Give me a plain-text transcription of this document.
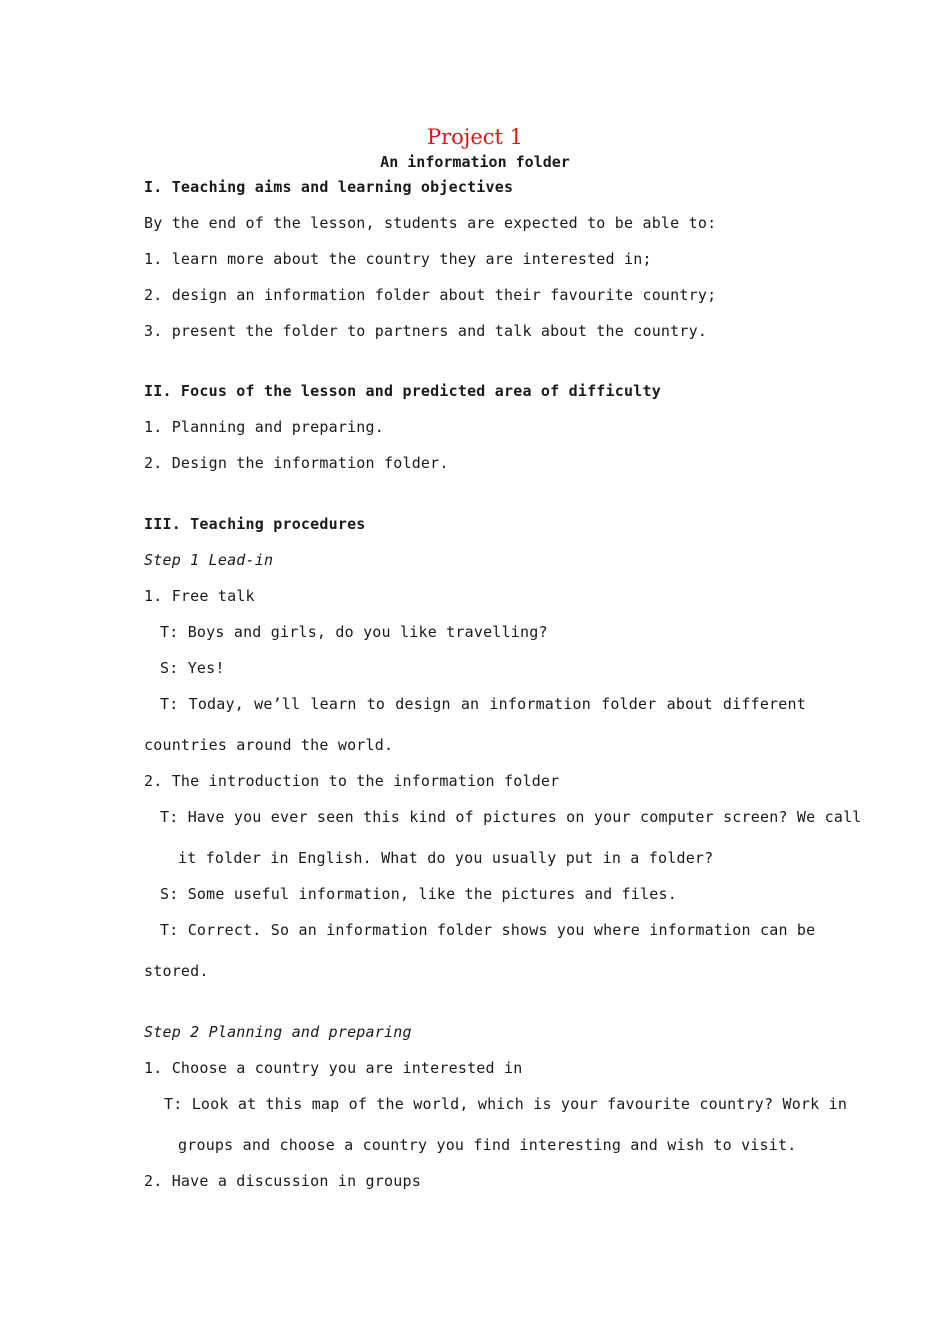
Project 1
An information folder
I. Teaching aims and learning objectives
By the end of the lesson, students are expected to be able to:
1. learn more about the country they are interested in;
2. design an information folder about their favourite country;
3. present the folder to partners and talk about the country.
II. Focus of the lesson and predicted area of difficulty
1. Planning and preparing.
2. Design the information folder.
III. Teaching procedures
Step 1 Lead-in
1. Free talk
T: Boys and girls, do you like travelling?
S: Yes!
T: Today, we’ll learn to design an information folder about different
countries around the world.
2. The introduction to the information folder
T: Have you ever seen this kind of pictures on your computer screen? We call
it folder in English. What do you usually put in a folder?
S: Some useful information, like the pictures and files.
T: Correct. So an information folder shows you where information can be
stored.
Step 2 Planning and preparing
1. Choose a country you are interested in
T: Look at this map of the world, which is your favourite country? Work in
groups and choose a country you find interesting and wish to visit.
2. Have a discussion in groups
